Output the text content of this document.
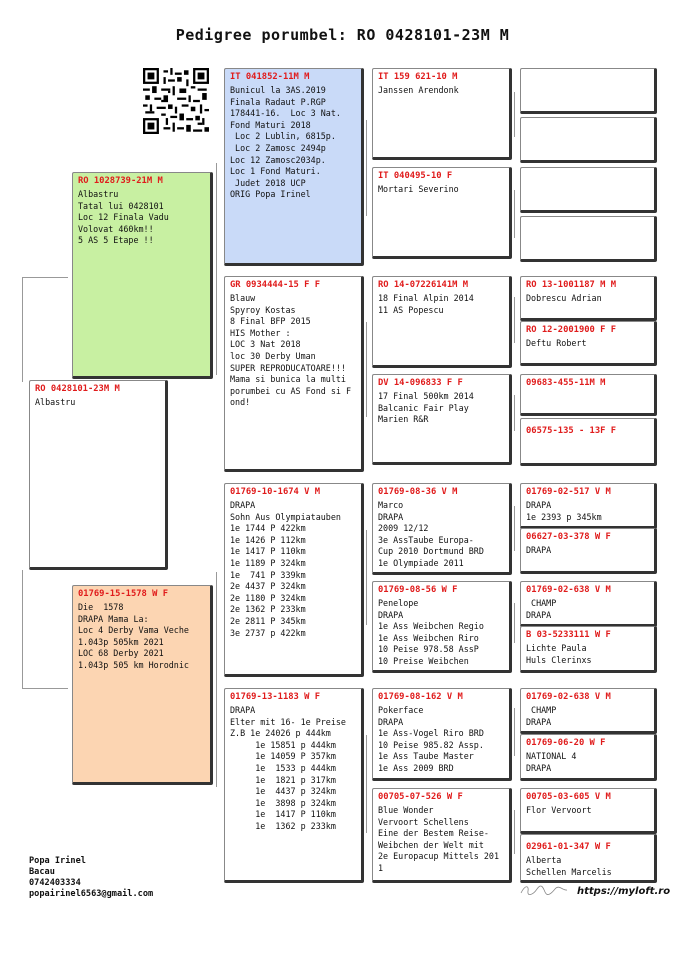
Pedigree porumbel: RO 0428101-23M M
RO 0428101-23M M
Albastru
RO 1028739-21M M
Albastru
Tatal lui 0428101
Loc 12 Finala Vadu
Volovat 460km!!
5 AS 5 Etape !!
01769-15-1578 W F
Die  1578
DRAPA Mama La:
Loc 4 Derby Vama Veche
1.043p 505km 2021
LOC 68 Derby 2021
1.043p 505 km Horodnic
IT 041852-11M M
Bunicul la 3AS.2019
Finala Radaut P.RGP
178441-16.  Loc 3 Nat.
Fond Maturi 2018
Loc 2 Lublin, 6815p.
Loc 2 Zamosc 2494p
Loc 12 Zamosc2034p.
Loc 1 Fond Maturi.
Judet 2018 UCP
ORIG Popa Irinel
GR 0934444-15 F F
Blauw
Spyroy Kostas
8 Final BFP 2015
HIS Mother :
LOC 3 Nat 2018
loc 30 Derby Uman
SUPER REPRODUCATOARE!!!
Mama si bunica la multi
porumbei cu AS Fond si F
ond!
01769-10-1674 V M
DRAPA
Sohn Aus Olympiatauben
1e 1744 P 422km
1e 1426 P 112km
1e 1417 P 110km
1e 1189 P 324km
1e  741 P 339km
2e 4437 P 324km
2e 1180 P 324km
2e 1362 P 233km
2e 2811 P 345km
3e 2737 p 422km
01769-13-1183 W F
DRAPA
Elter mit 16- 1e Preise
Z.B 1e 24026 p 444km
1e 15851 p 444km
1e 14059 P 357km
1e  1533 p 444km
1e  1821 p 317km
1e  4437 p 324km
1e  3898 p 324km
1e  1417 P 110km
1e  1362 p 233km
IT 159 621-10 M
Janssen Arendonk
IT 040495-10 F
Mortari Severino
RO 14-07226141M M
18 Final Alpin 2014
11 AS Popescu
DV 14-096833 F F
17 Final 500km 2014
Balcanic Fair Play
Marien R&R
01769-08-36 V M
Marco
DRAPA
2009 12/12
3e AssTaube Europa-
Cup 2010 Dortmund BRD
1e Olympiade 2011
01769-08-56 W F
Penelope
DRAPA
1e Ass Weibchen Regio
1e Ass Weibchen Riro
10 Peise 978.58 AssP
10 Preise Weibchen
01769-08-162 V M
Pokerface
DRAPA
1e Ass-Vogel Riro BRD
10 Peise 985.82 Assp.
1e Ass Taube Master
1e Ass 2009 BRD
00705-07-526 W F
Blue Wonder
Vervoort Schellens
Eine der Bestem Reise-
Weibchen der Welt mit
2e Europacup Mittels 201
1
RO 13-1001187 M M
Dobrescu Adrian
RO 12-2001900 F F
Deftu Robert
09683-455-11M M
06575-135 - 13F F
01769-02-517 V M
DRAPA
1e 2393 p 345km
06627-03-378 W F
DRAPA
01769-02-638 V M
CHAMP
DRAPA
B 03-5233111 W F
Lichte Paula
Huls Clerinxs
01769-02-638 V M
CHAMP
DRAPA
01769-06-20 W F
NATIONAL 4
DRAPA
00705-03-605 V M
Flor Vervoort
02961-01-347 W F
Alberta
Schellen Marcelis
Popa Irinel
Bacau
0742403334
popairinel6563@gmail.com	https://myloft.ro
